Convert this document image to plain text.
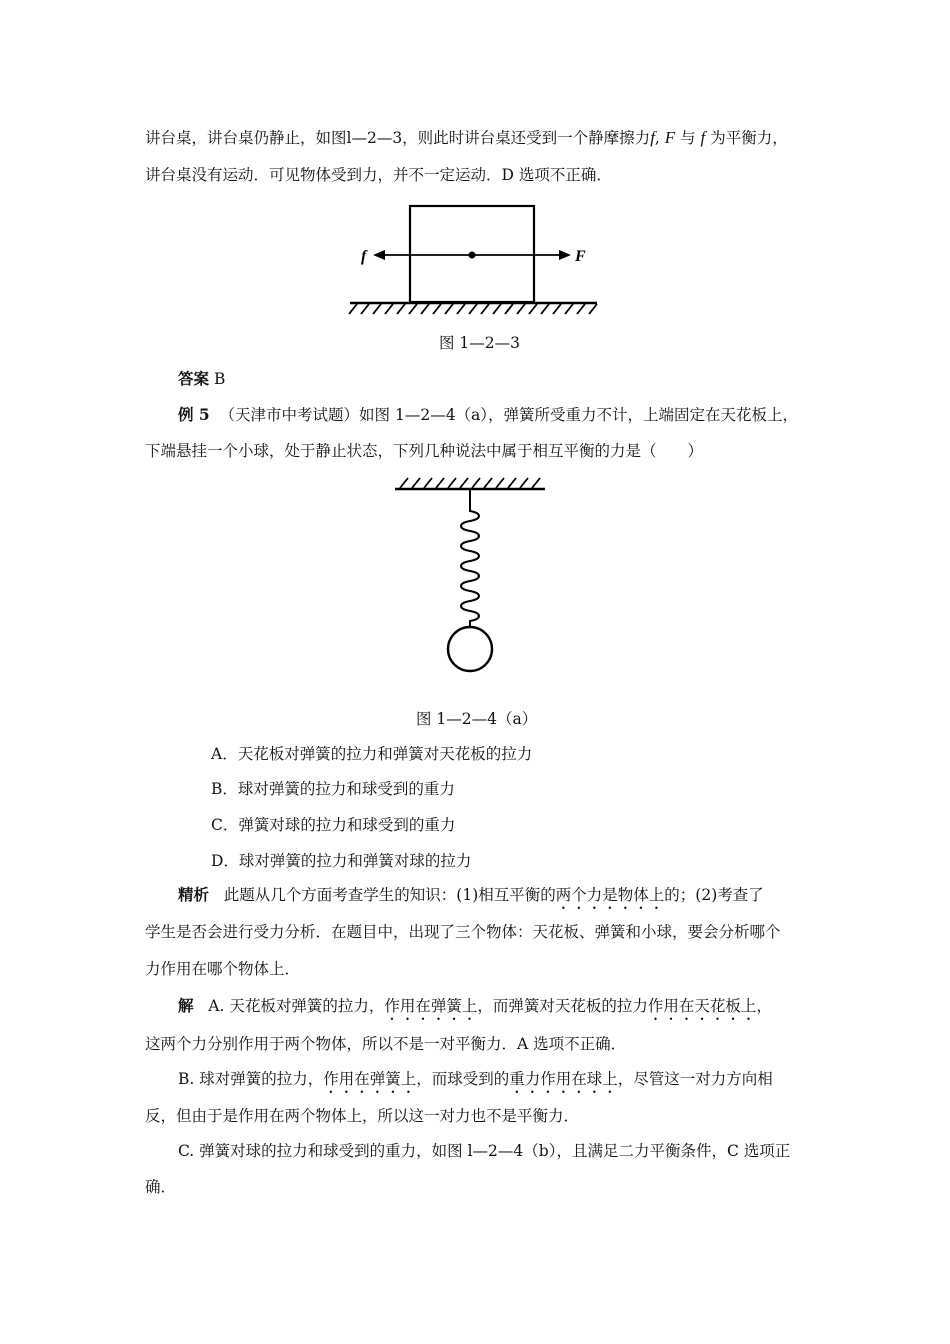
讲台桌，讲台桌仍静止，如图l—2—3，则此时讲台桌还受到一个静摩擦力f, F 与 f 为平衡力，
讲台桌没有运动．可见物体受到力，并不一定运动．D 选项不正确．
f	F
图 1—2—3
答案 B
例 5 （天津市中考试题）如图 1—2—4（a），弹簧所受重力不计，上端固定在天花板上，
下端悬挂一个小球，处于静止状态，下列几种说法中属于相互平衡的力是（　　）
图 1—2—4（a）
A．天花板对弹簧的拉力和弹簧对天花板的拉力
B．球对弹簧的拉力和球受到的重力
C．弹簧对球的拉力和球受到的重力
D．球对弹簧的拉力和弹簧对球的拉力
精析 此题从几个方面考查学生的知识：(1)相互平衡的两个力是物体上的；(2)考查了
学生是否会进行受力分析．在题目中，出现了三个物体：天花板、弹簧和小球，要会分析哪个
力作用在哪个物体上．
解 A. 天花板对弹簧的拉力，作用在弹簧上，而弹簧对天花板的拉力作用在天花板上，
这两个力分别作用于两个物体，所以不是一对平衡力．A 选项不正确．
B. 球对弹簧的拉力，作用在弹簧上，而球受到的重力作用在球上，尽管这一对力方向相
反，但由于是作用在两个物体上，所以这一对力也不是平衡力．
C. 弹簧对球的拉力和球受到的重力，如图 l—2—4（b），且满足二力平衡条件，C 选项正
确．
